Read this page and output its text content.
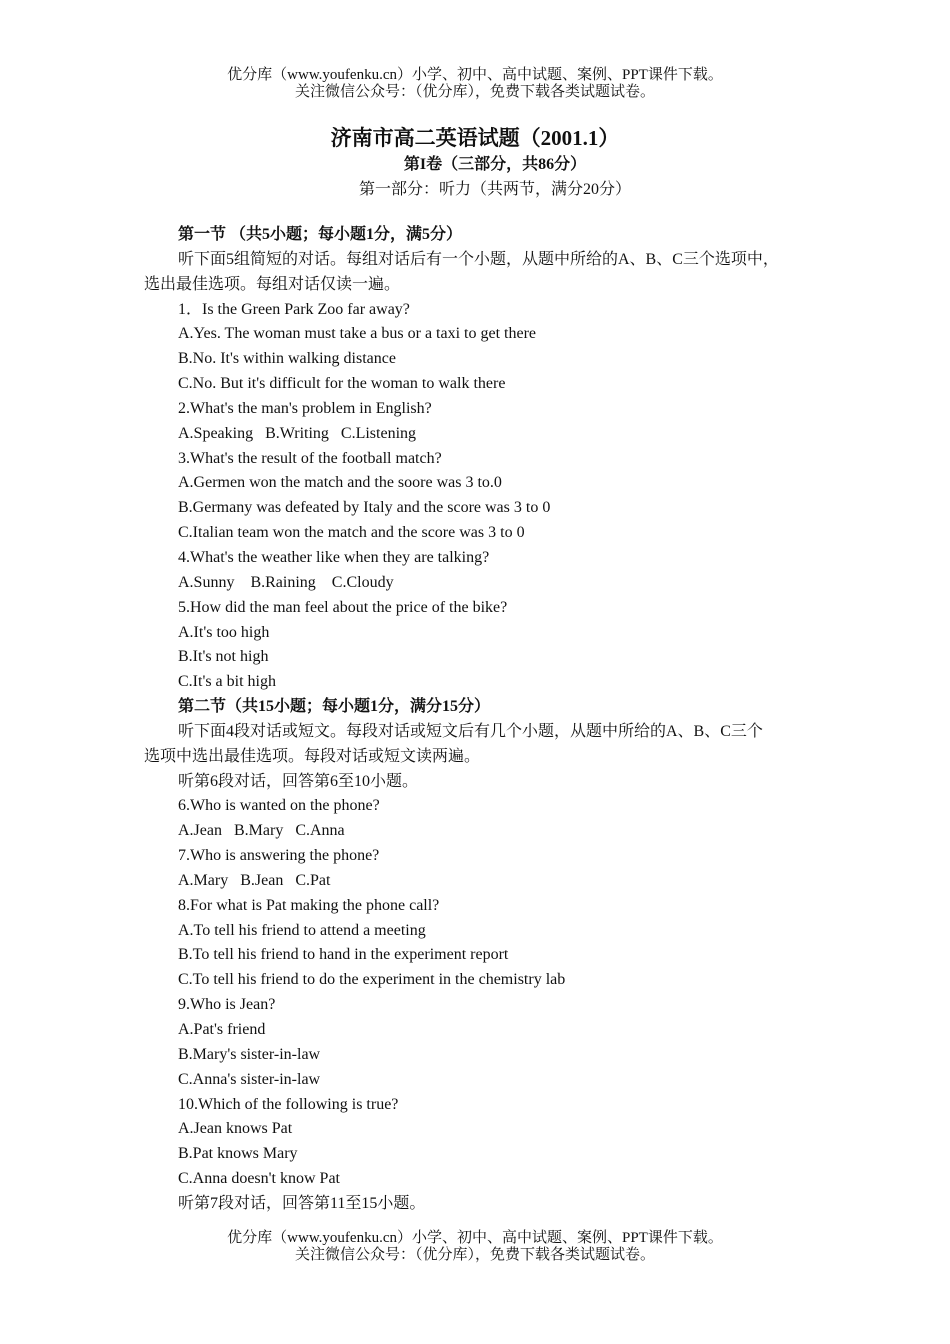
优分库（www.youfenku.cn）小学、初中、高中试题、案例、PPT课件下载。
关注微信公众号：（优分库），免费下载各类试题试卷。
济南市高二英语试题（2001.1）
第I卷（三部分，共86分）
第一部分：听力（共两节，满分20分）
第一节 （共5小题；每小题1分，满5分）
听下面5组简短的对话。每组对话后有一个小题，从题中所给的A、B、C三个选项中，
选出最佳选项。每组对话仅读一遍。
1．Is the Green Park Zoo far away?
A.Yes. The woman must take a bus or a taxi to get there
B.No. It's within walking distance
C.No. But it's difficult for the woman to walk there
2.What's the man's problem in English?
A.Speaking   B.Writing   C.Listening
3.What's the result of the football match?
A.Germen won the match and the soore was 3 to.0
B.Germany was defeated by Italy and the score was 3 to 0
C.Italian team won the match and the score was 3 to 0
4.What's the weather like when they are talking?
A.Sunny    B.Raining    C.Cloudy
5.How did the man feel about the price of the bike?
A.It's too high
B.It's not high
C.It's a bit high
第二节（共15小题；每小题1分，满分15分）
听下面4段对话或短文。每段对话或短文后有几个小题，从题中所给的A、B、C三个
选项中选出最佳选项。每段对话或短文读两遍。
听第6段对话，回答第6至10小题。
6.Who is wanted on the phone?
A.Jean   B.Mary   C.Anna
7.Who is answering the phone?
A.Mary   B.Jean   C.Pat
8.For what is Pat making the phone call?
A.To tell his friend to attend a meeting
B.To tell his friend to hand in the experiment report
C.To tell his friend to do the experiment in the chemistry lab
9.Who is Jean?
A.Pat's friend
B.Mary's sister-in-law
C.Anna's sister-in-law
10.Which of the following is true?
A.Jean knows Pat
B.Pat knows Mary
C.Anna doesn't know Pat
听第7段对话，回答第11至15小题。
优分库（www.youfenku.cn）小学、初中、高中试题、案例、PPT课件下载。
关注微信公众号：（优分库），免费下载各类试题试卷。
